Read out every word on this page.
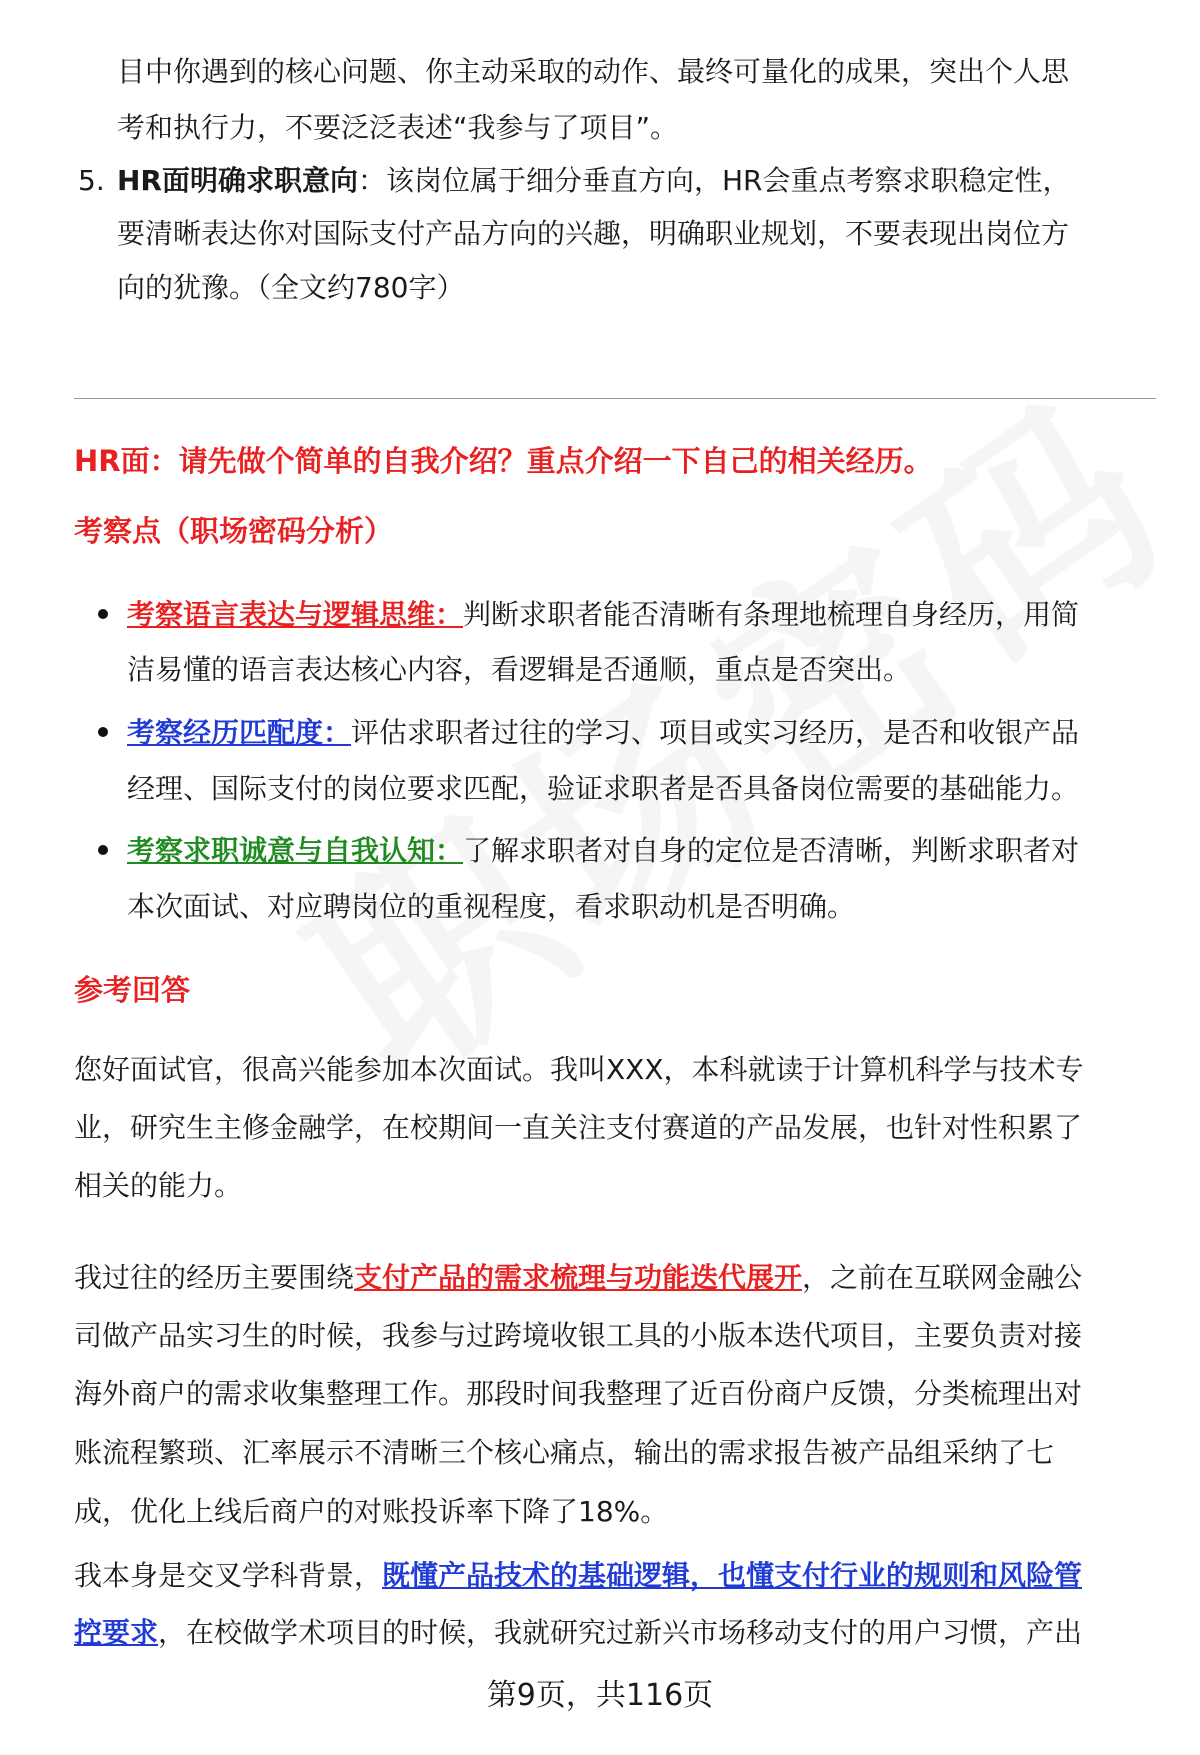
目中你遇到的核心问题、你主动采取的动作、最终可量化的成果，突出个人思
考和执行力，不要泛泛表述“我参与了项目”。
5. HR面明确求职意向：该岗位属于细分垂直方向，HR会重点考察求职稳定性，
要清晰表达你对国际支付产品方向的兴趣，明确职业规划，不要表现出岗位方
向的犹豫。（全文约780字）
HR面：请先做个简单的自我介绍？重点介绍一下自己的相关经历。
考察点（职场密码分析）
考察语言表达与逻辑思维：判断求职者能否清晰有条理地梳理自身经历，用简
洁易懂的语言表达核心内容，看逻辑是否通顺，重点是否突出。
考察经历匹配度：评估求职者过往的学习、项目或实习经历，是否和收银产品
经理、国际支付的岗位要求匹配，验证求职者是否具备岗位需要的基础能力。
考察求职诚意与自我认知：了解求职者对自身的定位是否清晰，判断求职者对
本次面试、对应聘岗位的重视程度，看求职动机是否明确。
参考回答
您好面试官，很高兴能参加本次面试。我叫XXX，本科就读于计算机科学与技术专
业，研究生主修金融学，在校期间一直关注支付赛道的产品发展，也针对性积累了
相关的能力。
我过往的经历主要围绕支付产品的需求梳理与功能迭代展开，之前在互联网金融公
司做产品实习生的时候，我参与过跨境收银工具的小版本迭代项目，主要负责对接
海外商户的需求收集整理工作。那段时间我整理了近百份商户反馈，分类梳理出对
账流程繁琐、汇率展示不清晰三个核心痛点，输出的需求报告被产品组采纳了七
成，优化上线后商户的对账投诉率下降了18%。
我本身是交叉学科背景，既懂产品技术的基础逻辑，也懂支付行业的规则和风险管
控要求，在校做学术项目的时候，我就研究过新兴市场移动支付的用户习惯，产出
第9页，共116页
